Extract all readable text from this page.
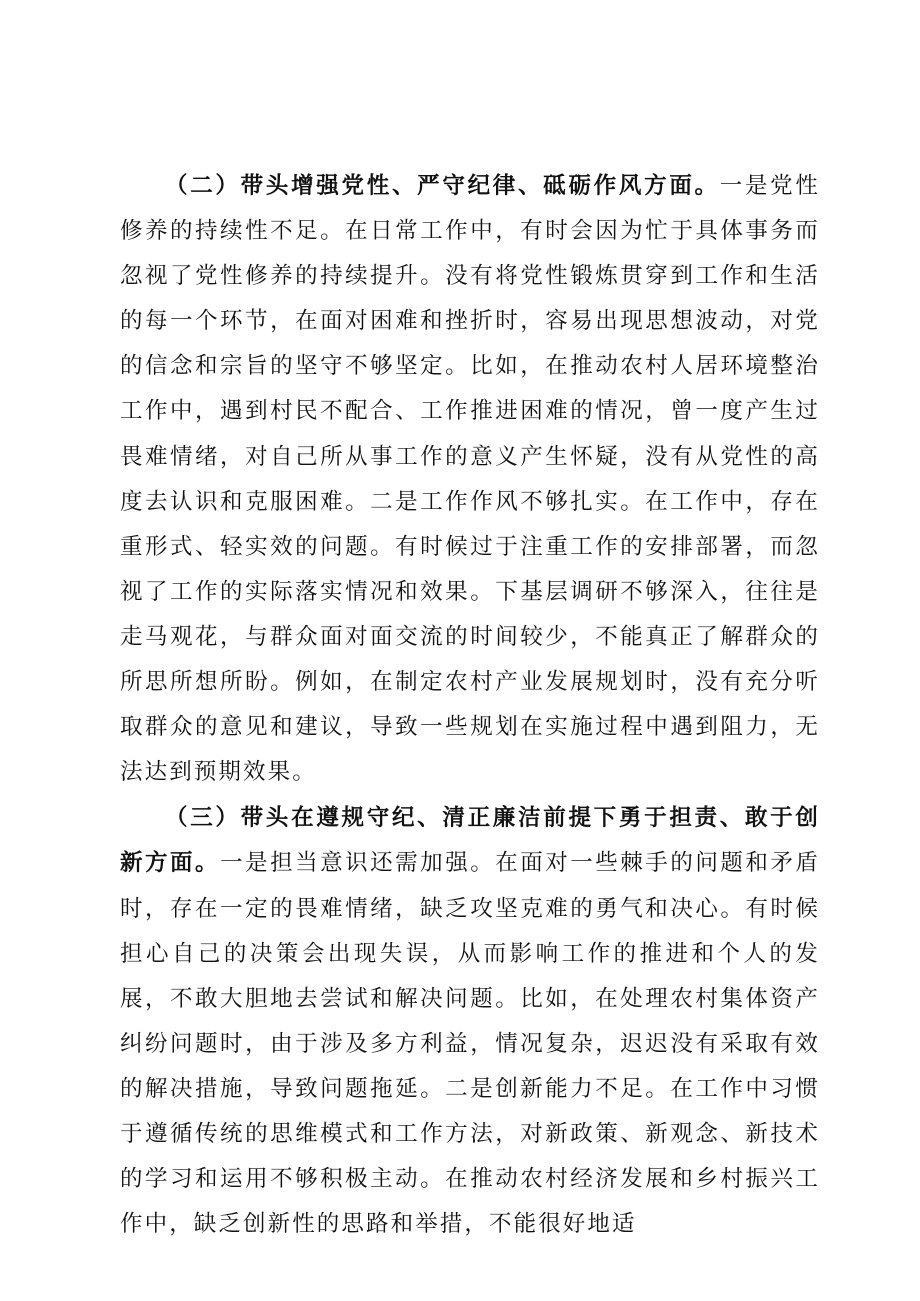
（二）带头增强党性、严守纪律、砥砺作风方面。一是党性修养的持续性不足。在日常工作中，有时会因为忙于具体事务而忽视了党性修养的持续提升。没有将党性锻炼贯穿到工作和生活的每一个环节，在面对困难和挫折时，容易出现思想波动，对党的信念和宗旨的坚守不够坚定。比如，在推动农村人居环境整治工作中，遇到村民不配合、工作推进困难的情况，曾一度产生过畏难情绪，对自己所从事工作的意义产生怀疑，没有从党性的高度去认识和克服困难。二是工作作风不够扎实。在工作中，存在重形式、轻实效的问题。有时候过于注重工作的安排部署，而忽视了工作的实际落实情况和效果。下基层调研不够深入，往往是走马观花，与群众面对面交流的时间较少，不能真正了解群众的所思所想所盼。例如，在制定农村产业发展规划时，没有充分听取群众的意见和建议，导致一些规划在实施过程中遇到阻力，无法达到预期效果。

（三）带头在遵规守纪、清正廉洁前提下勇于担责、敢于创新方面。一是担当意识还需加强。在面对一些棘手的问题和矛盾时，存在一定的畏难情绪，缺乏攻坚克难的勇气和决心。有时候担心自己的决策会出现失误，从而影响工作的推进和个人的发展，不敢大胆地去尝试和解决问题。比如，在处理农村集体资产纠纷问题时，由于涉及多方利益，情况复杂，迟迟没有采取有效的解决措施，导致问题拖延。二是创新能力不足。在工作中习惯于遵循传统的思维模式和工作方法，对新政策、新观念、新技术的学习和运用不够积极主动。在推动农村经济发展和乡村振兴工作中，缺乏创新性的思路和举措，不能很好地适
